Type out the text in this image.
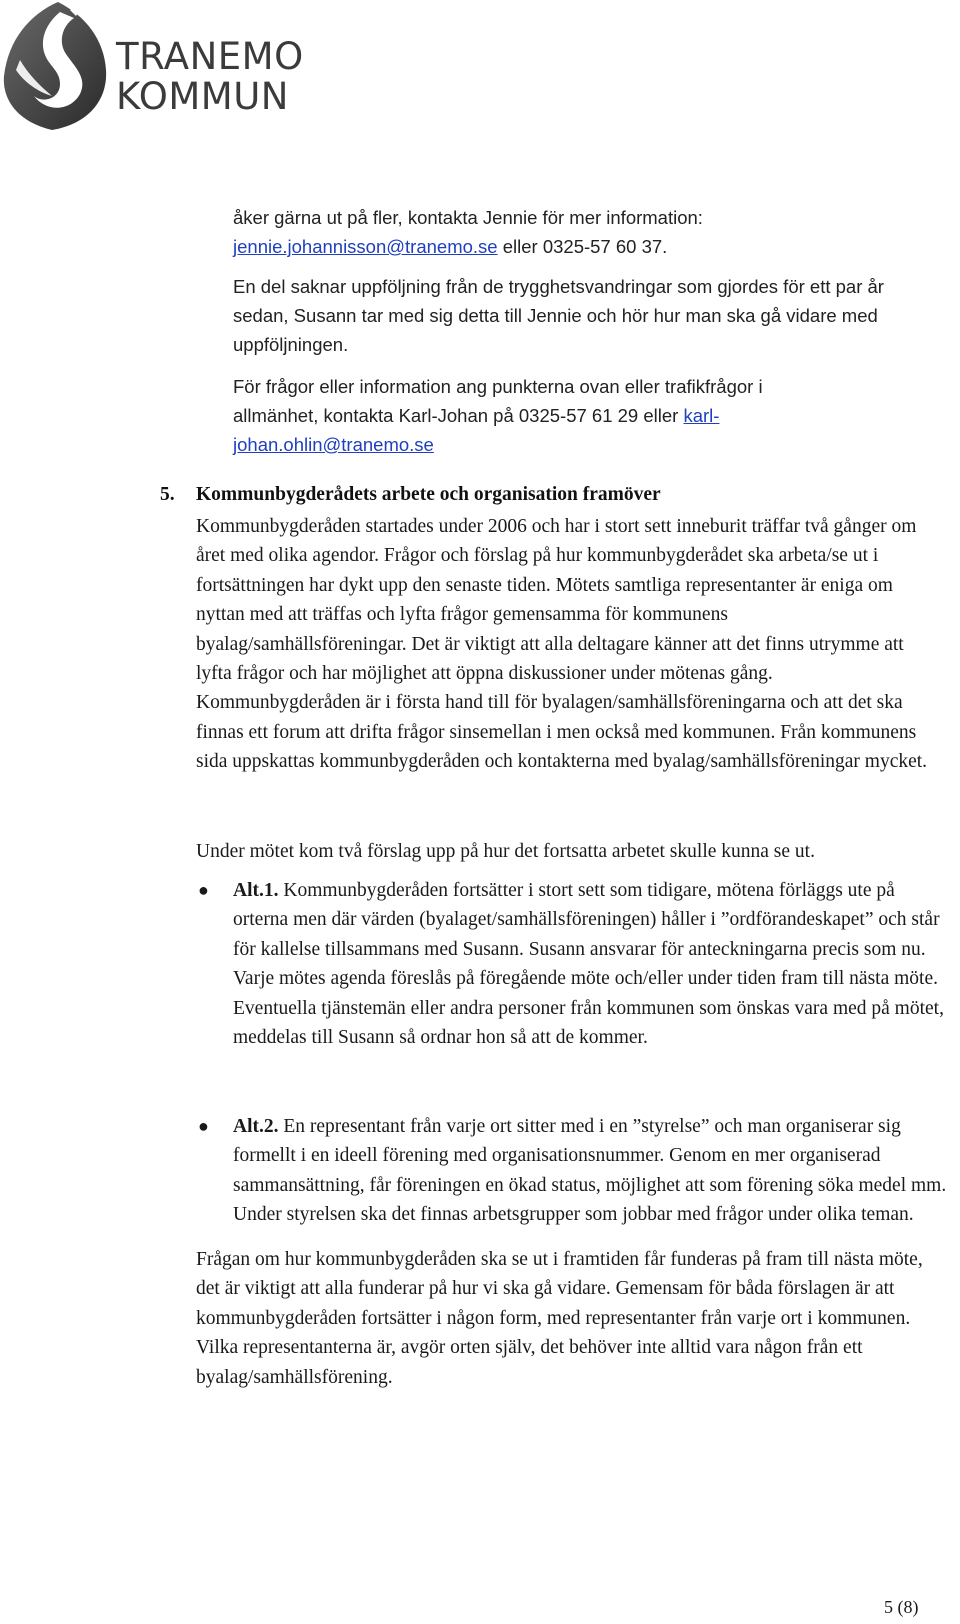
TRANEMO
KOMMUN

åker gärna ut på fler, kontakta Jennie för mer information:
jennie.johannisson@tranemo.se eller 0325-57 60 37.

En del saknar uppföljning från de trygghetsvandringar som gjordes för ett par år sedan, Susann tar med sig detta till Jennie och hör hur man ska gå vidare med uppföljningen.

För frågor eller information ang punkterna ovan eller trafikfrågor i allmänhet, kontakta Karl-Johan på 0325-57 61 29 eller karl-johan.ohlin@tranemo.se

5. Kommunbygderådets arbete och organisation framöver

Kommunbygderåden startades under 2006 och har i stort sett inneburit träffar två gånger om året med olika agendor. Frågor och förslag på hur kommunbygderådet ska arbeta/se ut i fortsättningen har dykt upp den senaste tiden. Mötets samtliga representanter är eniga om nyttan med att träffas och lyfta frågor gemensamma för kommunens byalag/samhällsföreningar. Det är viktigt att alla deltagare känner att det finns utrymme att lyfta frågor och har möjlighet att öppna diskussioner under mötenas gång. Kommunbygderåden är i första hand till för byalagen/samhällsföreningarna och att det ska finnas ett forum att drifta frågor sinsemellan i men också med kommunen. Från kommunens sida uppskattas kommunbygderåden och kontakterna med byalag/samhällsföreningar mycket.

Under mötet kom två förslag upp på hur det fortsatta arbetet skulle kunna se ut.

● Alt.1. Kommunbygderåden fortsätter i stort sett som tidigare, mötena förläggs ute på orterna men där värden (byalaget/samhällsföreningen) håller i ”ordförandeskapet” och står för kallelse tillsammans med Susann. Susann ansvarar för anteckningarna precis som nu. Varje mötes agenda föreslås på föregående möte och/eller under tiden fram till nästa möte. Eventuella tjänstemän eller andra personer från kommunen som önskas vara med på mötet, meddelas till Susann så ordnar hon så att de kommer.

● Alt.2. En representant från varje ort sitter med i en ”styrelse” och man organiserar sig formellt i en ideell förening med organisationsnummer. Genom en mer organiserad sammansättning, får föreningen en ökad status, möjlighet att som förening söka medel mm. Under styrelsen ska det finnas arbetsgrupper som jobbar med frågor under olika teman.

Frågan om hur kommunbygderåden ska se ut i framtiden får funderas på fram till nästa möte, det är viktigt att alla funderar på hur vi ska gå vidare. Gemensam för båda förslagen är att kommunbygderåden fortsätter i någon form, med representanter från varje ort i kommunen. Vilka representanterna är, avgör orten själv, det behöver inte alltid vara någon från ett byalag/samhällsförening.

5 (8)
